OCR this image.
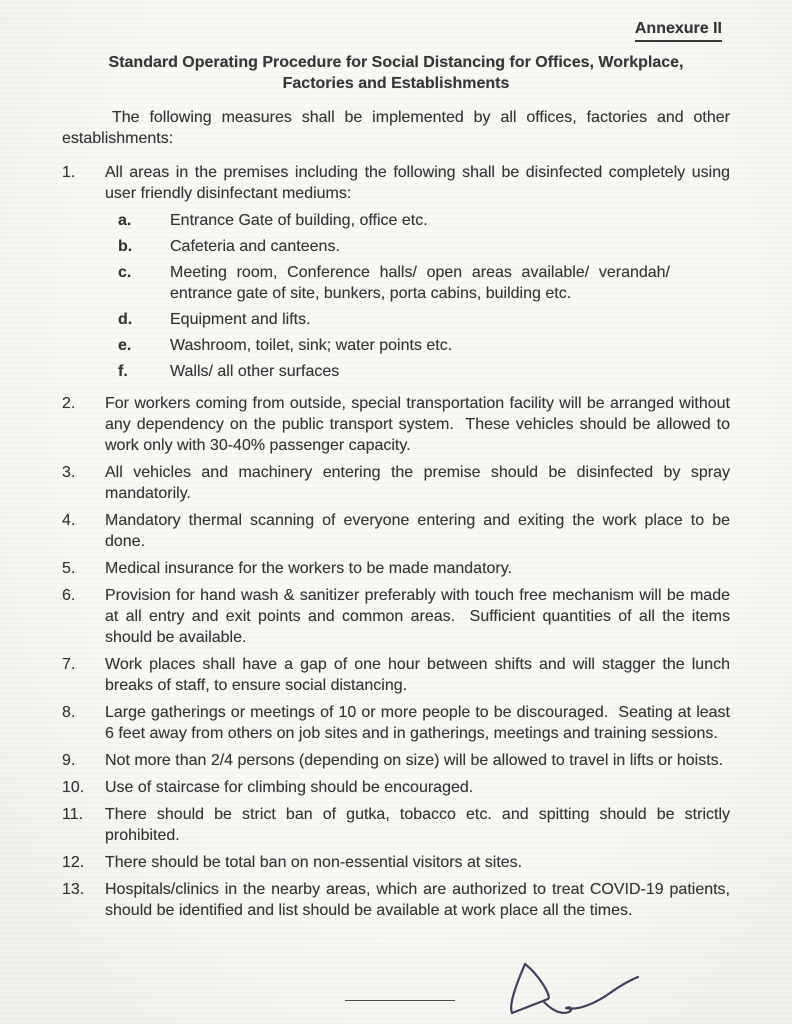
Annexure II
Standard Operating Procedure for Social Distancing for Offices, Workplace,
Factories and Establishments

The following measures shall be implemented by all offices, factories and other establishments:

1.	All areas in the premises including the following shall be disinfected completely using user friendly disinfectant mediums:
a.	Entrance Gate of building, office etc.
b.	Cafeteria and canteens.
c.	Meeting room, Conference halls/ open areas available/ verandah/ entrance gate of site, bunkers, porta cabins, building etc.
d.	Equipment and lifts.
e.	Washroom, toilet, sink; water points etc.
f.	Walls/ all other surfaces
2.	For workers coming from outside, special transportation facility will be arranged without any dependency on the public transport system.  These vehicles should be allowed to work only with 30-40% passenger capacity.
3.	All vehicles and machinery entering the premise should be disinfected by spray mandatorily.
4.	Mandatory thermal scanning of everyone entering and exiting the work place to be done.
5.	Medical insurance for the workers to be made mandatory.
6.	Provision for hand wash & sanitizer preferably with touch free mechanism will be made at all entry and exit points and common areas.  Sufficient quantities of all the items should be available.
7.	Work places shall have a gap of one hour between shifts and will stagger the lunch breaks of staff, to ensure social distancing.
8.	Large gatherings or meetings of 10 or more people to be discouraged.  Seating at least 6 feet away from others on job sites and in gatherings, meetings and training sessions.
9.	Not more than 2/4 persons (depending on size) will be allowed to travel in lifts or hoists.
10.	Use of staircase for climbing should be encouraged.
11.	There should be strict ban of gutka, tobacco etc. and spitting should be strictly prohibited.
12.	There should be total ban on non-essential visitors at sites.
13.	Hospitals/clinics in the nearby areas, which are authorized to treat COVID-19 patients, should be identified and list should be available at work place all the times.
